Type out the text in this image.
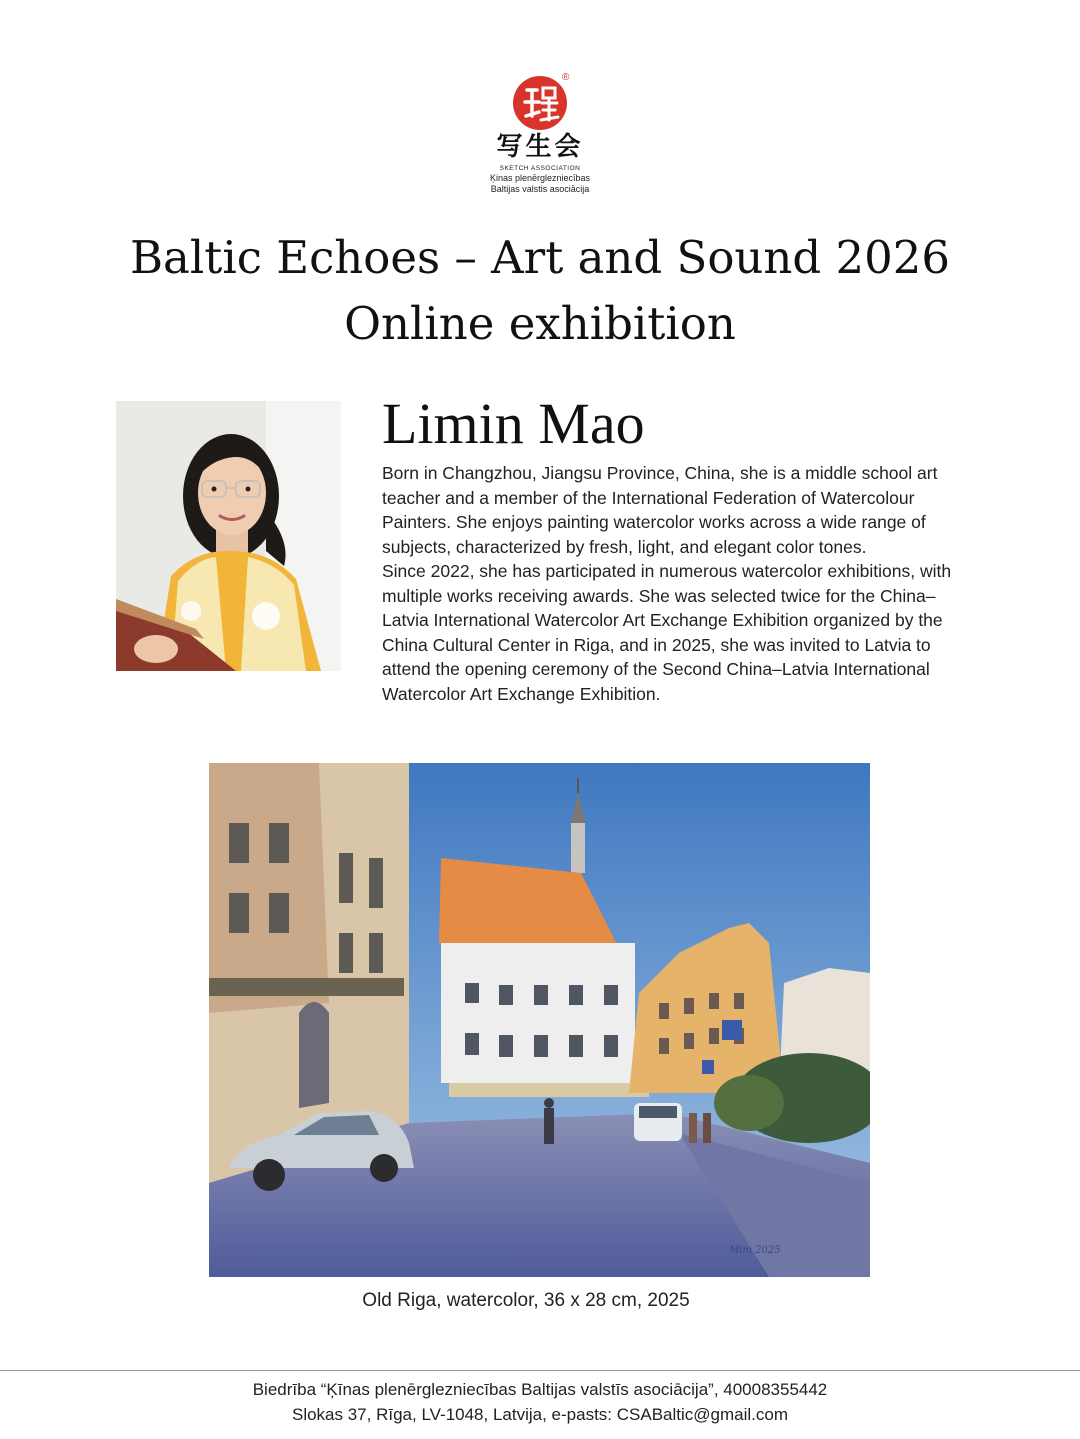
®
写生会
SKETCH ASSOCIATION
Ķinas plenērglezniecības
Baltijas valstis asociācija
Baltic Echoes – Art and Sound 2026
Online exhibition
Limin Mao

Born in Changzhou, Jiangsu Province, China, she is a middle school art teacher and a member of the International Federation of Watercolour Painters. She enjoys painting watercolor works across a wide range of subjects, characterized by fresh, light, and elegant color tones.

Since 2022, she has participated in numerous watercolor exhibitions, with multiple works receiving awards. She was selected twice for the China–Latvia International Watercolor Art Exchange Exhibition organized by the China Cultural Center in Riga, and in 2025, she was invited to Latvia to attend the opening ceremony of the Second China–Latvia International Watercolor Art Exchange Exhibition.

Mlm 2025
Old Riga, watercolor, 36 x 28 cm, 2025
Biedrība “Ķīnas plenērglezniecības Baltijas valstīs asociācija”, 40008355442
Slokas 37, Rīga, LV-1048, Latvija, e-pasts: CSABaltic@gmail.com
